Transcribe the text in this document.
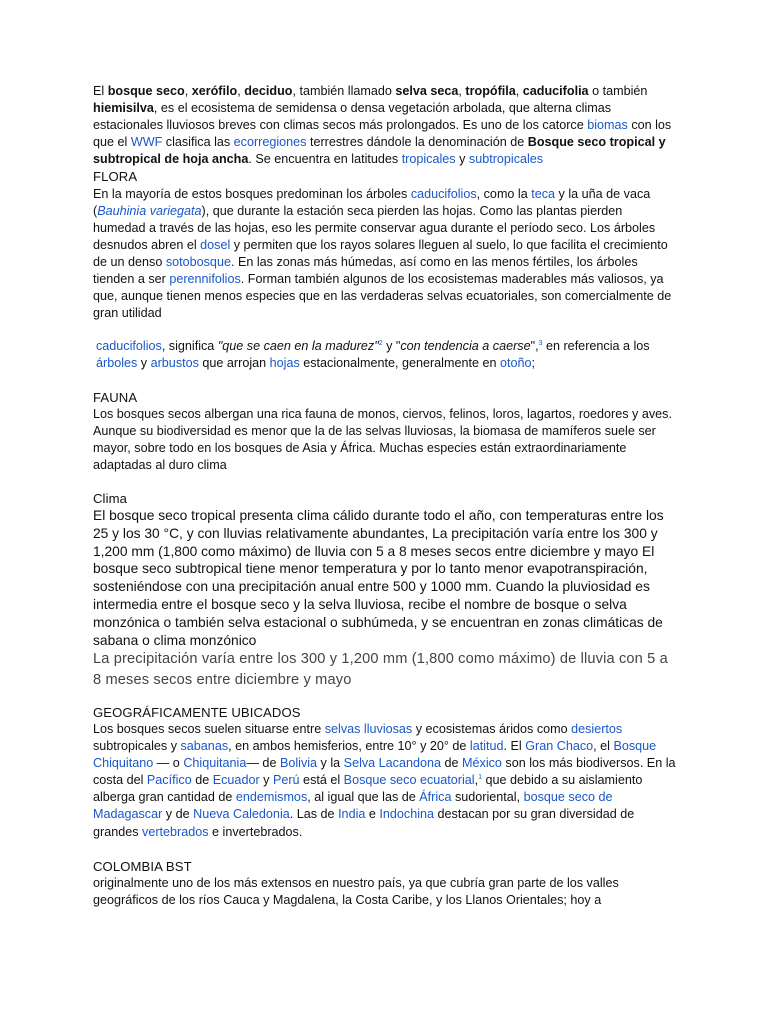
El bosque seco, xerófilo, deciduo, también llamado selva seca, tropófila, caducifolia o también hiemisilva, es el ecosistema de semidensa o densa vegetación arbolada, que alterna climas estacionales lluviosos breves con climas secos más prolongados. Es uno de los catorce biomas con los que el WWF clasifica las ecorregiones terrestres dándole la denominación de Bosque seco tropical y subtropical de hoja ancha. Se encuentra en latitudes tropicales y subtropicales

FLORA

En la mayoría de estos bosques predominan los árboles caducifolios, como la teca y la uña de vaca (Bauhinia variegata), que durante la estación seca pierden las hojas. Como las plantas pierden humedad a través de las hojas, eso les permite conservar agua durante el período seco. Los árboles desnudos abren el dosel y permiten que los rayos solares lleguen al suelo, lo que facilita el crecimiento de un denso sotobosque. En las zonas más húmedas, así como en las menos fértiles, los árboles tienden a ser perennifolios. Forman también algunos de los ecosistemas maderables más valiosos, ya que, aunque tienen menos especies que en las verdaderas selvas ecuatoriales, son comercialmente de gran utilidad

caducifolios, significa "que se caen en la madurez"$^2$ y "con tendencia a caerse",$^3$ en referencia a los árboles y arbustos que arrojan hojas estacionalmente, generalmente en otoño;

FAUNA

Los bosques secos albergan una rica fauna de monos, ciervos, felinos, loros, lagartos, roedores y aves. Aunque su biodiversidad es menor que la de las selvas lluviosas, la biomasa de mamíferos suele ser mayor, sobre todo en los bosques de Asia y África. Muchas especies están extraordinariamente adaptadas al duro clima

Clima

El bosque seco tropical presenta clima cálido durante todo el año, con temperaturas entre los 25 y los 30 °C, y con lluvias relativamente abundantes, La precipitación varía entre los 300 y 1,200 mm (1,800 como máximo) de lluvia con 5 a 8 meses secos entre diciembre y mayo El bosque seco subtropical tiene menor temperatura y por lo tanto menor evapotranspiración, sosteniéndose con una precipitación anual entre 500 y 1000 mm. Cuando la pluviosidad es intermedia entre el bosque seco y la selva lluviosa, recibe el nombre de bosque o selva monzónica o también selva estacional o subhúmeda, y se encuentran en zonas climáticas de sabana o clima monzónico

La precipitación varía entre los 300 y 1,200 mm (1,800 como máximo) de lluvia con 5 a 8 meses secos entre diciembre y mayo

GEOGRÁFICAMENTE UBICADOS

Los bosques secos suelen situarse entre selvas lluviosas y ecosistemas áridos como desiertos subtropicales y sabanas, en ambos hemisferios, entre 10° y 20° de latitud. El Gran Chaco, el Bosque Chiquitano — o Chiquitania— de Bolivia y la Selva Lacandona de México son los más biodiversos. En la costa del Pacífico de Ecuador y Perú está el Bosque seco ecuatorial,$^1$ que debido a su aislamiento alberga gran cantidad de endemismos, al igual que las de África sudoriental, bosque seco de Madagascar y de Nueva Caledonia. Las de India e Indochina destacan por su gran diversidad de grandes vertebrados e invertebrados.

COLOMBIA BST

originalmente uno de los más extensos en nuestro país, ya que cubría gran parte de los valles geográficos de los ríos Cauca y Magdalena, la Costa Caribe, y los Llanos Orientales; hoy a
